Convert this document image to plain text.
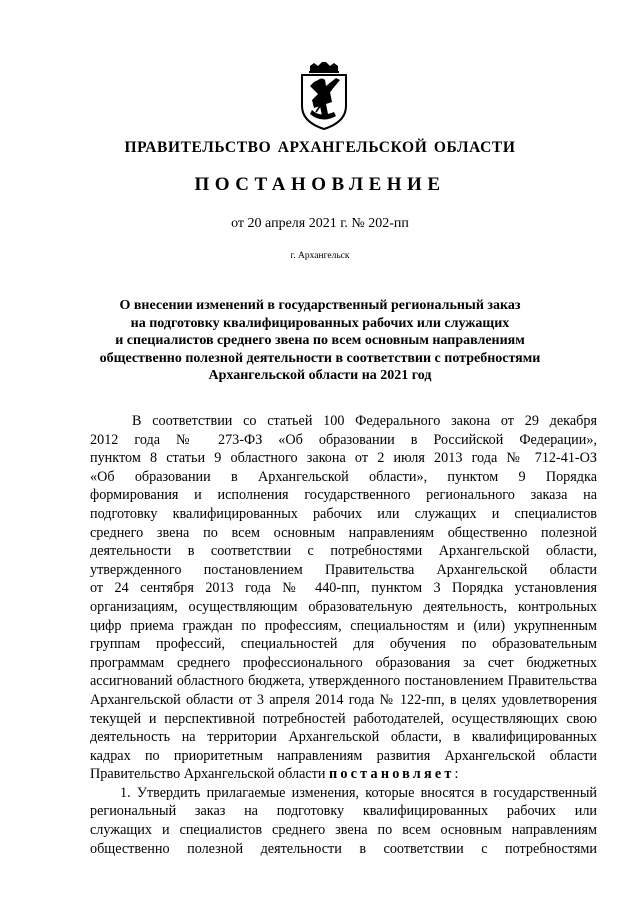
ПРАВИТЕЛЬСТВО АРХАНГЕЛЬСКОЙ ОБЛАСТИ
ПОСТАНОВЛЕНИЕ
от 20 апреля 2021 г. № 202-пп
г. Архангельск
О внесении изменений в государственный региональный заказ
на подготовку квалифицированных рабочих или служащих
и специалистов среднего звена по всем основным направлениям
общественно полезной деятельности в соответствии с потребностями
Архангельской области на 2021 год
В соответствии со статьей 100 Федерального закона от 29 декабря
2012 года № 273-ФЗ «Об образовании в Российской Федерации»,
пунктом 8 статьи 9 областного закона от 2 июля 2013 года № 712-41-ОЗ
«Об образовании в Архангельской области», пунктом 9 Порядка
формирования и исполнения государственного регионального заказа на
подготовку квалифицированных рабочих или служащих и специалистов
среднего звена по всем основным направлениям общественно полезной
деятельности в соответствии с потребностями Архангельской области,
утвержденного постановлением Правительства Архангельской области
от 24 сентября 2013 года № 440-пп, пунктом 3 Порядка установления
организациям, осуществляющим образовательную деятельность, контрольных
цифр приема граждан по профессиям, специальностям и (или) укрупненным
группам профессий, специальностей для обучения по образовательным
программам среднего профессионального образования за счет бюджетных
ассигнований областного бюджета, утвержденного постановлением Правительства
Архангельской области от 3 апреля 2014 года № 122-пп, в целях удовлетворения
текущей и перспективной потребностей работодателей, осуществляющих свою
деятельность на территории Архангельской области, в квалифицированных
кадрах по приоритетным направлениям развития Архангельской области
Правительство Архангельской области постановляет:
1. Утвердить прилагаемые изменения, которые вносятся в государственный
региональный заказ на подготовку квалифицированных рабочих или
служащих и специалистов среднего звена по всем основным направлениям
общественно полезной деятельности в соответствии с потребностями
